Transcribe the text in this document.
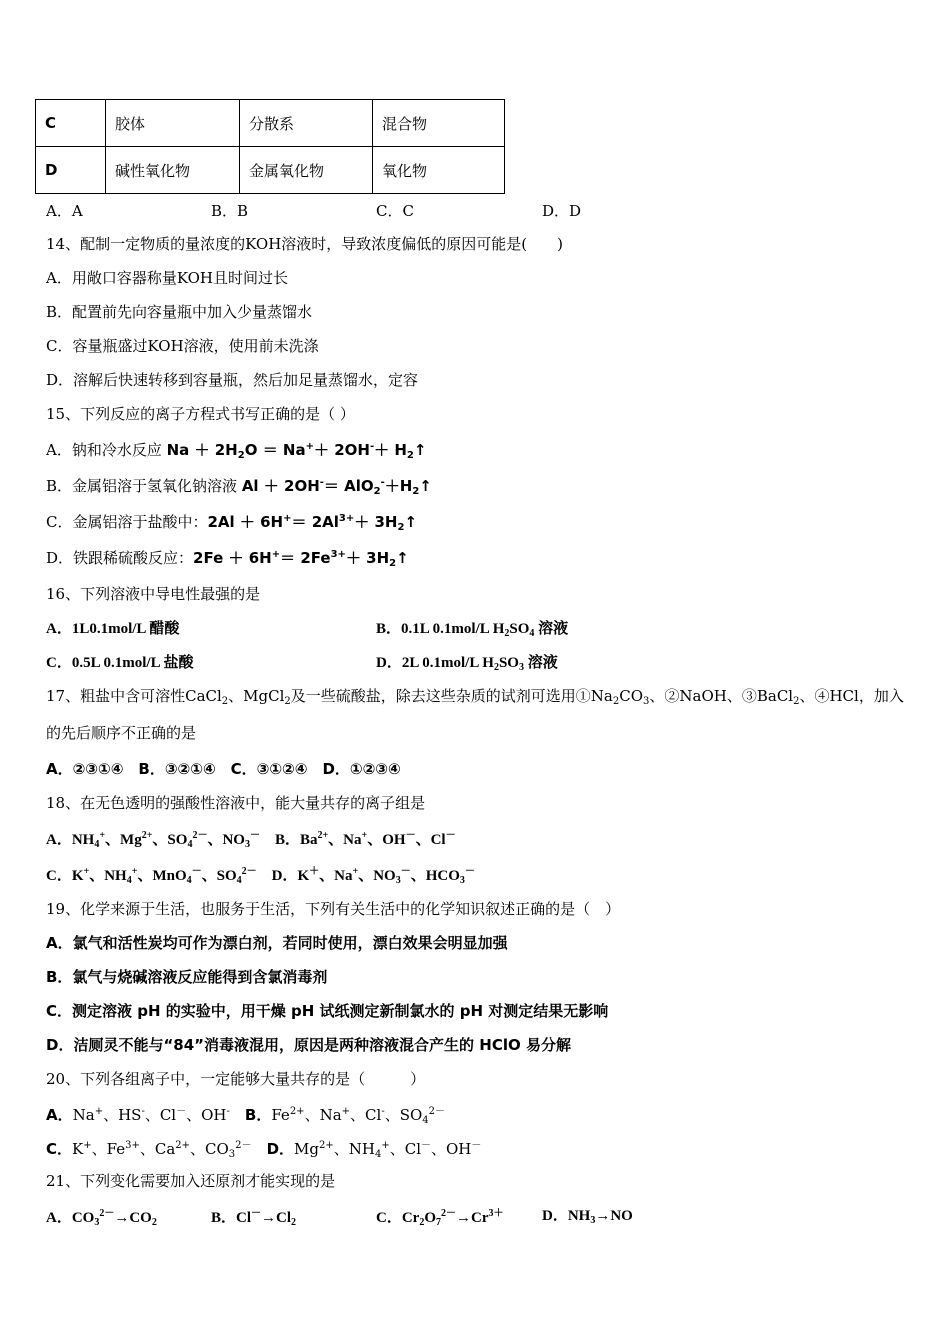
C	胶体	分散系	混合物
D	碱性氧化物	金属氧化物	氧化物
A．A	B．B	C．C	D．D
14、配制一定物质的量浓度的KOH溶液时，导致浓度偏低的原因可能是(　　)
A．用敞口容器称量KOH且时间过长
B．配置前先向容量瓶中加入少量蒸馏水
C．容量瓶盛过KOH溶液，使用前未洗涤
D．溶解后快速转移到容量瓶，然后加足量蒸馏水，定容
15、下列反应的离子方程式书写正确的是（ ）
A．钠和冷水反应 $Na + 2H_2O = Na^++ 2OH^-+$ $H_2↑$
B．金属铝溶于氢氧化钠溶液 $Al + 2OH^-= AlO_2^-+H_2↑$
C．金属铝溶于盐酸中：$2Al + 6H^+= 2Al^{3+}+$ $3H_2↑$
D．铁跟稀硫酸反应：$2Fe + 6H^+= 2Fe^{3+}+$ $3H_2↑$
16、下列溶液中导电性最强的是
A．1L0.1mol/L 醋酸	B．0.1L 0.1mol/L $H_2SO_4$ 溶液
C．0.5L 0.1mol/L 盐酸	D．2L 0.1mol/L $H_2SO_3$ 溶液
17、粗盐中含可溶性CaCl$_2$、MgCl$_2$及一些硫酸盐，除去这些杂质的试剂可选用$①Na_2CO_3$、②NaOH、③BaCl$_2$、④HCl，加入
的先后顺序不正确的是
A．②③①④　B．③②①④　C．③①②④　D．①②③④
18、在无色透明的强酸性溶液中，能大量共存的离子组是
A．$NH_4^+$、$Mg^{2+}$、$SO_4^{2-}$、$NO_3^-$　B．$Ba^{2+}$、Na+、OH－、Cl－
C．K+、$NH_4^+$、MnO$_4$－、$SO_4^{2-}$　D．K＋、Na+、$NO_3^-$、$HCO_3^-$
19、化学来源于生活，也服务于生活，下列有关生活中的化学知识叙述正确的是（　）
A．氯气和活性炭均可作为漂白剂，若同时使用，漂白效果会明显加强
B．氯气与烧碱溶液反应能得到含氯消毒剂
C．测定溶液 pH 的实验中，用干燥 pH 试纸测定新制氯水的 pH 对测定结果无影响
D．洁厕灵不能与“84”消毒液混用，原因是两种溶液混合产生的 HClO 易分解
20、下列各组离子中，一定能够大量共存的是（　　　）
A．Na+、HS-、Cl－、OH-　 B．$Fe^{2+}$、Na+、Cl-、$SO_4^{2-}$
C．K+、$Fe^{3+}$、$Ca^{2+}$、$CO_3^{2-}$　 D．$Mg^{2+}$、$NH_4^+$、Cl－、OH－
21、下列变化需要加入还原剂才能实现的是
A．$CO_3^{2-}\to CO_2$	B．$Cl^-\to Cl_2$	C．$Cr_2O_7^{2-}\to Cr^{3+}$	D．$NH_3\to NO$
